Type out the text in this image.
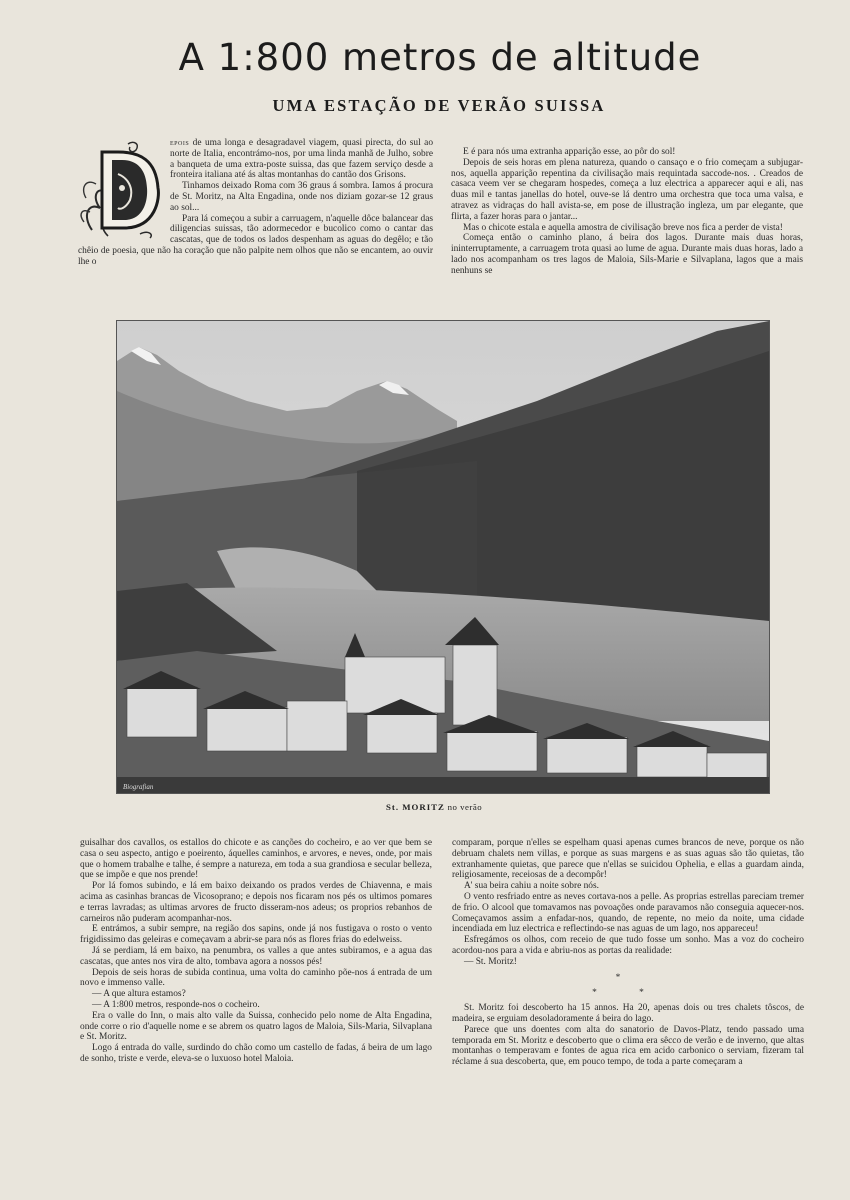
A 1:800 metros de altitude
UMA ESTAÇÃO DE VERÃO SUISSA

epois de uma longa e desagradavel viagem, quasi pirecta, do sul ao norte de Italia, encontrámo-nos, por uma linda manhã de Julho, sobre a banqueta de uma extra-poste suissa, das que fazem serviço desde a fronteira italiana até ás altas montanhas do cantão dos Grisons.

Tinhamos deixado Roma com 36 graus á sombra. Iamos á procura de St. Moritz, na Alta Engadina, onde nos diziam gozar-se 12 graus ao sol...

Para lá começou a subir a carruagem, n'aquelle dôce balancear das diligencias suissas, tão adormecedor e bucolico como o cantar das cascatas, que de todos os lados despenham as aguas do degêlo; e tão chêio de poesia, que não ha coração que não palpite nem olhos que não se encantem, ao ouvir lhe o

E é para nós uma extranha apparição esse, ao pôr do sol!

Depois de seis horas em plena natureza, quando o cansaço e o frio começam a subjugar-nos, aquella apparição repentina da civilisação mais requintada saccode-nos. . Creados de casaca veem ver se chegaram hospedes, começa a luz electrica a apparecer aqui e ali, nas duas mil e tantas janellas do hotel, ouve-se lá dentro uma orchestra que toca uma valsa, e atravez as vidraças do hall avista-se, em pose de illustração ingleza, um par elegante, que flirta, a fazer horas para o jantar...

Mas o chicote estala e aquella amostra de civilisação breve nos fica a perder de vista!

Começa então o caminho plano, á beira dos lagos. Durante mais duas horas, ininterruptamente, a carruagem trota quasi ao lume de agua. Durante mais duas horas, lado a lado nos acompanham os tres lagos de Maloia, Sils-Marie e Silvaplana, lagos que a mais nenhuns se

Biografian
St. MORITZ no verão

guisalhar dos cavallos, os estallos do chicote e as canções do cocheiro, e ao ver que bem se casa o seu aspecto, antigo e poeirento, áquelles caminhos, e arvores, e neves, onde, por mais que o homem trabalhe e talhe, é sempre a natureza, em toda a sua grandiosa e secular belleza, que se impõe e que nos prende!

Por lá fomos subindo, e lá em baixo deixando os prados verdes de Chiavenna, e mais acima as casinhas brancas de Vicosoprano; e depois nos ficaram nos pés os ultimos pomares e terras lavradas; as ultimas arvores de fructo disseram-nos adeus; os proprios rebanhos de carneiros não puderam acompanhar-nos.

E entrámos, a subir sempre, na região dos sapins, onde já nos fustigava o rosto o vento frigidissimo das geleiras e começavam a abrir-se para nós as flores frias do edelweiss.

Já se perdiam, lá em baixo, na penumbra, os valles a que antes subiramos, e a agua das cascatas, que antes nos vira de alto, tombava agora a nossos pés!

Depois de seis horas de subida continua, uma volta do caminho põe-nos á entrada de um novo e immenso valle.

— A que altura estamos?

— A 1:800 metros, responde-nos o cocheiro.

Era o valle do Inn, o mais alto valle da Suissa, conhecido pelo nome de Alta Engadina, onde corre o rio d'aquelle nome e se abrem os quatro lagos de Maloia, Sils-Maria, Silvaplana e St. Moritz.

Logo á entrada do valle, surdindo do chão como um castello de fadas, á beira de um lago de sonho, triste e verde, eleva-se o luxuoso hotel Maloia.

comparam, porque n'elles se espelham quasi apenas cumes brancos de neve, porque os não debruam chalets nem villas, e porque as suas margens e as suas aguas são tão quietas, tão extranhamente quietas, que parece que n'ellas se suicidou Ophelia, e ellas a guardam ainda, religiosamente, receiosas de a decompôr!

A' sua beira cahiu a noite sobre nós.

O vento resfriado entre as neves cortava-nos a pelle. As proprias estrellas pareciam tremer de frio. O alcool que tomavamos nas povoações onde paravamos não conseguia aquecer-nos. Começavamos assim a enfadar-nos, quando, de repente, no meio da noite, uma cidade incendiada em luz electrica e reflectindo-se nas aguas de um lago, nos appareceu!

Esfregámos os olhos, com receio de que tudo fosse um sonho. Mas a voz do cocheiro acordou-nos para a vida e abriu-nos as portas da realidade:

— St. Moritz!

*
* *

St. Moritz foi descoberto ha 15 annos. Ha 20, apenas dois ou tres chalets tôscos, de madeira, se erguiam desoladoramente á beira do lago.

Parece que uns doentes com alta do sanatorio de Davos-Platz, tendo passado uma temporada em St. Moritz e descoberto que o clima era sêcco de verão e de inverno, que altas montanhas o temperavam e fontes de agua rica em acido carbonico o serviam, fizeram tal réclame á sua descoberta, que, em pouco tempo, de toda a parte começaram a
